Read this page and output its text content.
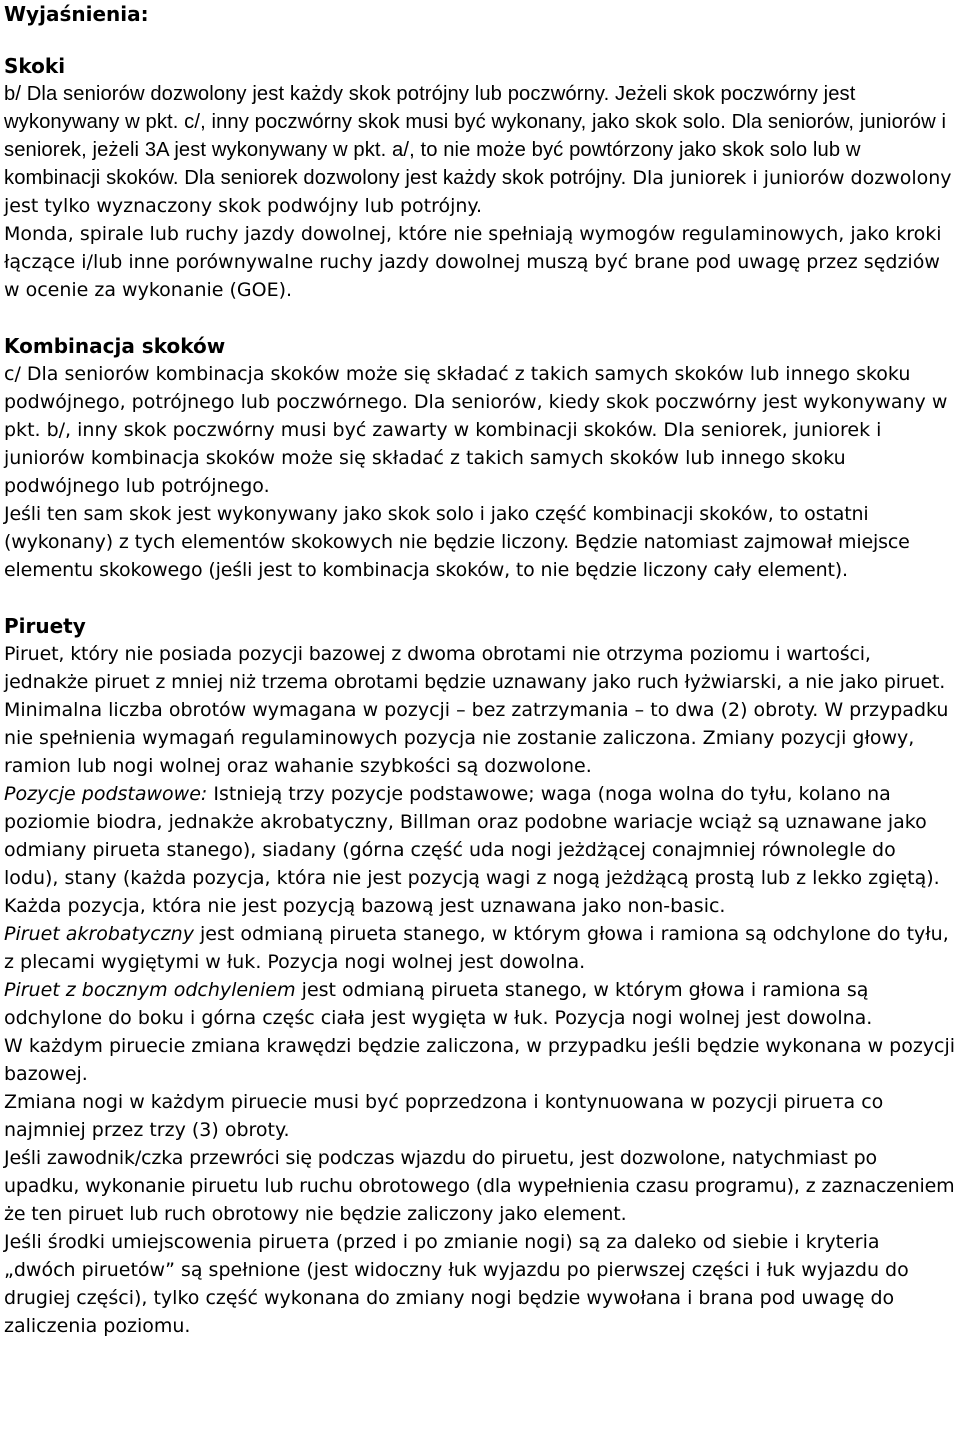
Wyjaśnienia:
Skoki

b/ Dla seniorów dozwolony jest każdy skok potrójny lub poczwórny. Jeżeli skok poczwórny jest wykonywany w pkt. c/, inny poczwórny skok musi być wykonany, jako skok solo. Dla seniorów, juniorów i seniorek, jeżeli 3A jest wykonywany w pkt. a/, to nie może być powtórzony jako skok solo lub w kombinacji skoków. Dla seniorek dozwolony jest każdy skok potrójny. Dla juniorek i juniorów dozwolony jest tylko wyznaczony skok podwójny lub potrójny.

Monda, spirale lub ruchy jazdy dowolnej, które nie spełniają wymogów regulaminowych, jako kroki łączące i/lub inne porównywalne ruchy jazdy dowolnej muszą być brane pod uwagę przez sędziów w ocenie za wykonanie (GOE).

Kombinacja skoków

c/ Dla seniorów kombinacja skoków może się składać z takich samych skoków lub innego skoku podwójnego, potrójnego lub poczwórnego. Dla seniorów, kiedy skok poczwórny jest wykonywany w pkt. b/, inny skok poczwórny musi być zawarty w kombinacji skoków. Dla seniorek, juniorek i juniorów kombinacja skoków może się składać z takich samych skoków lub innego skoku podwójnego lub potrójnego.

Jeśli ten sam skok jest wykonywany jako skok solo i jako część kombinacji skoków, to ostatni (wykonany) z tych elementów skokowych nie będzie liczony. Będzie natomiast zajmował miejsce elementu skokowego (jeśli jest to kombinacja skoków, to nie będzie liczony cały element).

Piruety

Piruet, który nie posiada pozycji bazowej z dwoma obrotami nie otrzyma poziomu i wartości, jednakże piruet z mniej niż trzema obrotami będzie uznawany jako ruch łyżwiarski, a nie jako piruet.

Minimalna liczba obrotów wymagana w pozycji – bez zatrzymania – to dwa (2) obroty. W przypadku nie spełnienia wymagań regulaminowych pozycja nie zostanie zaliczona. Zmiany pozycji głowy, ramion lub nogi wolnej oraz wahanie szybkości są dozwolone.

Pozycje podstawowe: Istnieją trzy pozycje podstawowe; waga (noga wolna do tyłu, kolano na poziomie biodra, jednakże akrobatyczny, Billman oraz podobne wariacje wciąż są uznawane jako odmiany pirueta stanego), siadany (górna część uda nogi jeżdżącej conajmniej równolegle do lodu), stany (każda pozycja, która nie jest pozycją wagi z nogą jeżdżącą prostą lub z lekko zgiętą).

Każda pozycja, która nie jest pozycją bazową jest uznawana jako non-basic.

Piruet akrobatyczny jest odmianą pirueta stanego, w którym głowa i ramiona są odchylone do tyłu, z plecami wygiętymi w łuk. Pozycja nogi wolnej jest dowolna.

Piruet z bocznym odchyleniem jest odmianą pirueta stanego, w którym głowa i ramiona są odchylone do boku i górna częśc ciała jest wygięta w łuk. Pozycja nogi wolnej jest dowolna.

W każdym piruecie zmiana krawędzi będzie zaliczona, w przypadku jeśli będzie wykonana w pozycji bazowej.

Zmiana nogi w każdym piruecie musi być poprzedzona i kontynuowana w pozycji piruета co najmniej przez trzy (3) obroty.

Jeśli zawodnik/czka przewróci się podczas wjazdu do piruetu, jest dozwolone, natychmiast po upadku, wykonanie piruetu lub ruchu obrotowego (dla wypełnienia czasu programu), z zaznaczeniem że ten piruet lub ruch obrotowy nie będzie zaliczony jako element.

Jeśli środki umiejscowenia piruета (przed i po zmianie nogi) są za daleko od siebie i kryteria „dwóch piruetów” są spełnione (jest widoczny łuk wyjazdu po pierwszej części i łuk wyjazdu do drugiej części), tylko część wykonana do zmiany nogi będzie wywołana i brana pod uwagę do zaliczenia poziomu.
